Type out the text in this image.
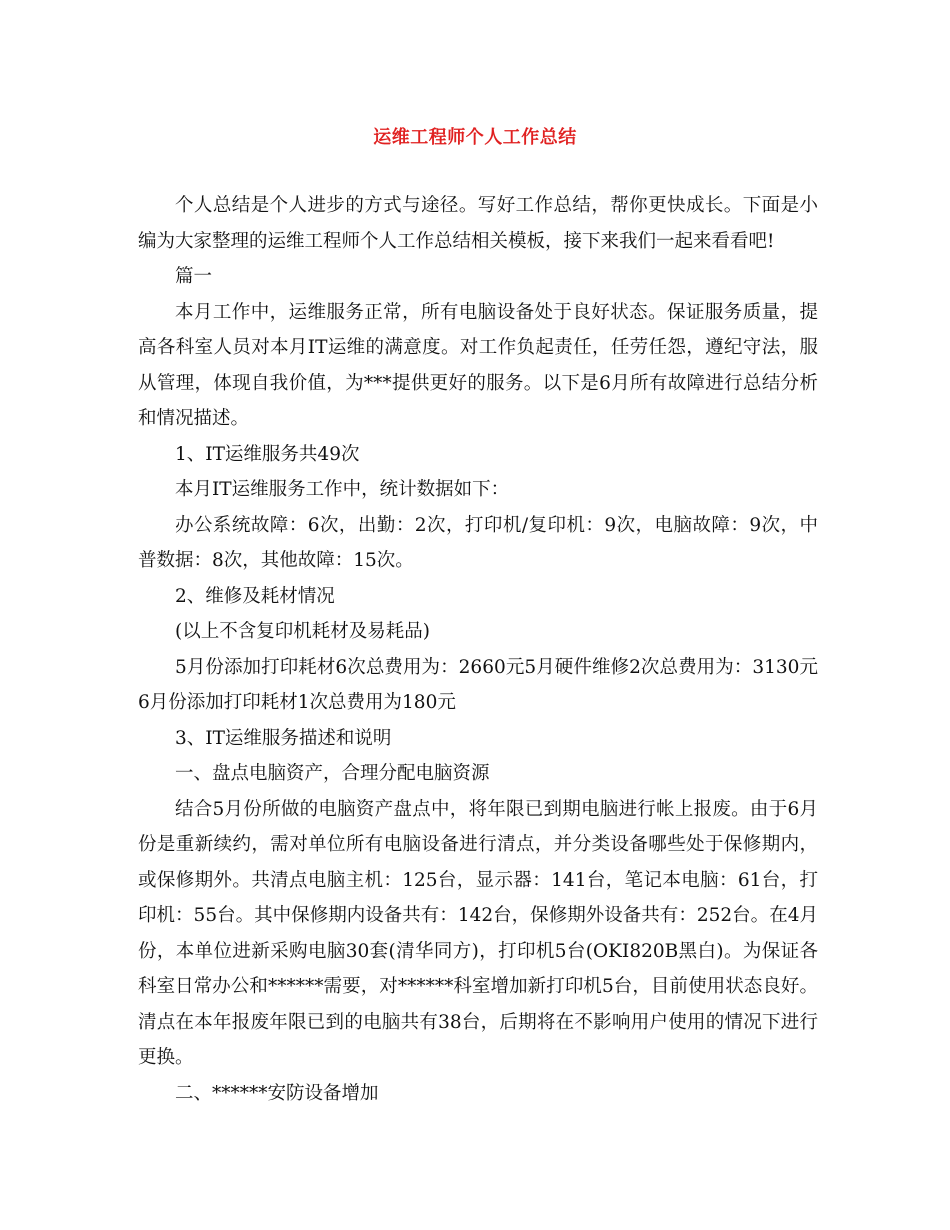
运维工程师个人工作总结

个人总结是个人进步的方式与途径。写好工作总结，帮你更快成长。下面是小编为大家整理的运维工程师个人工作总结相关模板，接下来我们一起来看看吧!

篇一

本月工作中，运维服务正常，所有电脑设备处于良好状态。保证服务质量，提高各科室人员对本月IT运维的满意度。对工作负起责任，任劳任怨，遵纪守法，服从管理，体现自我价值，为***提供更好的服务。以下是6月所有故障进行总结分析和情况描述。

1、IT运维服务共49次

本月IT运维服务工作中，统计数据如下：

办公系统故障：6次，出勤：2次，打印机/复印机：9次，电脑故障：9次，中普数据：8次，其他故障：15次。

2、维修及耗材情况

(以上不含复印机耗材及易耗品)

5月份添加打印耗材6次总费用为：2660元5月硬件维修2次总费用为：3130元6月份添加打印耗材1次总费用为180元

3、IT运维服务描述和说明

一、盘点电脑资产，合理分配电脑资源

结合5月份所做的电脑资产盘点中，将年限已到期电脑进行帐上报废。由于6月份是重新续约，需对单位所有电脑设备进行清点，并分类设备哪些处于保修期内，或保修期外。共清点电脑主机：125台，显示器：141台，笔记本电脑：61台，打印机：55台。其中保修期内设备共有：142台，保修期外设备共有：252台。在4月份，本单位进新采购电脑30套(清华同方)，打印机5台(OKI820B黑白)。为保证各科室日常办公和******需要，对******科室增加新打印机5台，目前使用状态良好。清点在本年报废年限已到的电脑共有38台，后期将在不影响用户使用的情况下进行更换。

二、******安防设备增加
